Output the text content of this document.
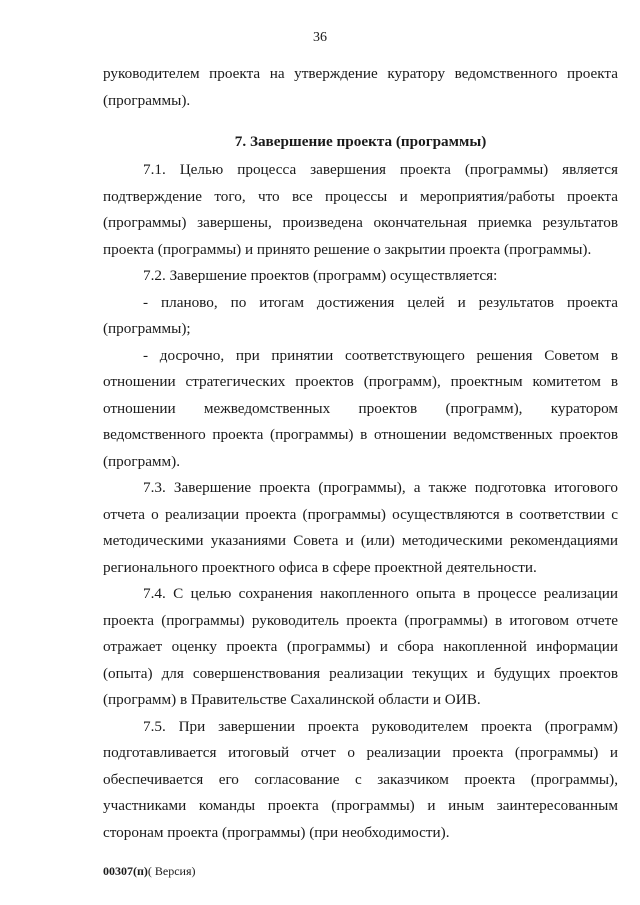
36

руководителем проекта на утверждение куратору ведомственного проекта (программы).

7. Завершение проекта (программы)

7.1. Целью процесса завершения проекта (программы) является подтверждение того, что все процессы и мероприятия/работы проекта (программы) завершены, произведена окончательная приемка результатов проекта (программы) и принято решение о закрытии проекта (программы).

7.2. Завершение проектов (программ) осуществляется:

- планово, по итогам достижения целей и результатов проекта (программы);

- досрочно, при принятии соответствующего решения Советом в отношении стратегических проектов (программ), проектным комитетом в отношении межведомственных проектов (программ), куратором ведомственного проекта (программы) в отношении ведомственных проектов (программ).

7.3. Завершение проекта (программы), а также подготовка итогового отчета о реализации проекта (программы) осуществляются в соответствии с методическими указаниями Совета и (или) методическими рекомендациями регионального проектного офиса в сфере проектной деятельности.

7.4. С целью сохранения накопленного опыта в процессе реализации проекта (программы) руководитель проекта (программы) в итоговом отчете отражает оценку проекта (программы) и сбора накопленной информации (опыта) для совершенствования реализации текущих и будущих проектов (программ) в Правительстве Сахалинской области и ОИВ.

7.5. При завершении проекта руководителем проекта (программ) подготавливается итоговый отчет о реализации проекта (программы) и обеспечивается его согласование с заказчиком проекта (программы), участниками команды проекта (программы) и иным заинтересованным сторонам проекта (программы) (при необходимости).

00307(п)( Версия)
